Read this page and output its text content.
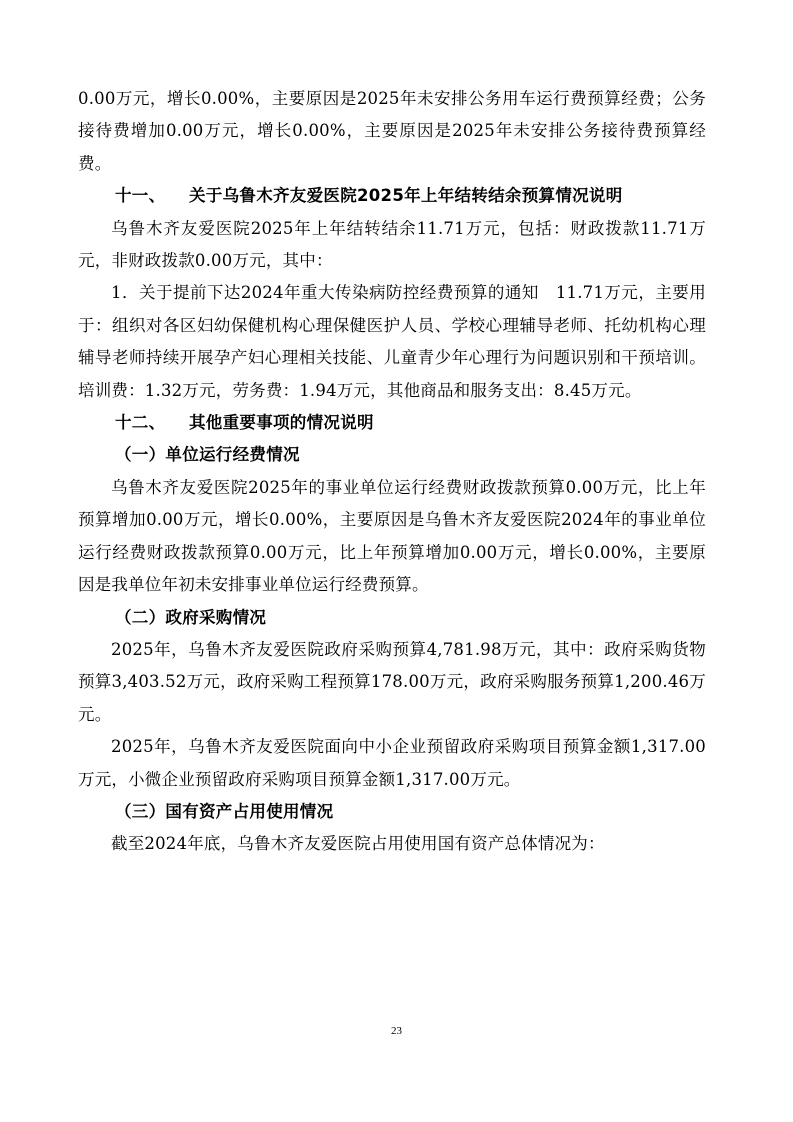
0.00万元，增长0.00%，主要原因是2025年未安排公务用车运行费预算经费；公务接待费增加0.00万元，增长0.00%，主要原因是2025年未安排公务接待费预算经费。

十一、 关于乌鲁木齐友爱医院2025年上年结转结余预算情况说明

乌鲁木齐友爱医院2025年上年结转结余11.71万元，包括：财政拨款11.71万元，非财政拨款0.00万元，其中：

1．关于提前下达2024年重大传染病防控经费预算的通知　11.71万元，主要用于：组织对各区妇幼保健机构心理保健医护人员、学校心理辅导老师、托幼机构心理辅导老师持续开展孕产妇心理相关技能、儿童青少年心理行为问题识别和干预培训。培训费：1.32万元，劳务费：1.94万元，其他商品和服务支出：8.45万元。

十二、 其他重要事项的情况说明

（一）单位运行经费情况

乌鲁木齐友爱医院2025年的事业单位运行经费财政拨款预算0.00万元，比上年预算增加0.00万元，增长0.00%，主要原因是乌鲁木齐友爱医院2024年的事业单位运行经费财政拨款预算0.00万元，比上年预算增加0.00万元，增长0.00%，主要原因是我单位年初未安排事业单位运行经费预算。

（二）政府采购情况

2025年，乌鲁木齐友爱医院政府采购预算4,781.98万元，其中：政府采购货物预算3,403.52万元，政府采购工程预算178.00万元，政府采购服务预算1,200.46万元。

2025年，乌鲁木齐友爱医院面向中小企业预留政府采购项目预算金额1,317.00万元，小微企业预留政府采购项目预算金额1,317.00万元。

（三）国有资产占用使用情况

截至2024年底，乌鲁木齐友爱医院占用使用国有资产总体情况为：

23
